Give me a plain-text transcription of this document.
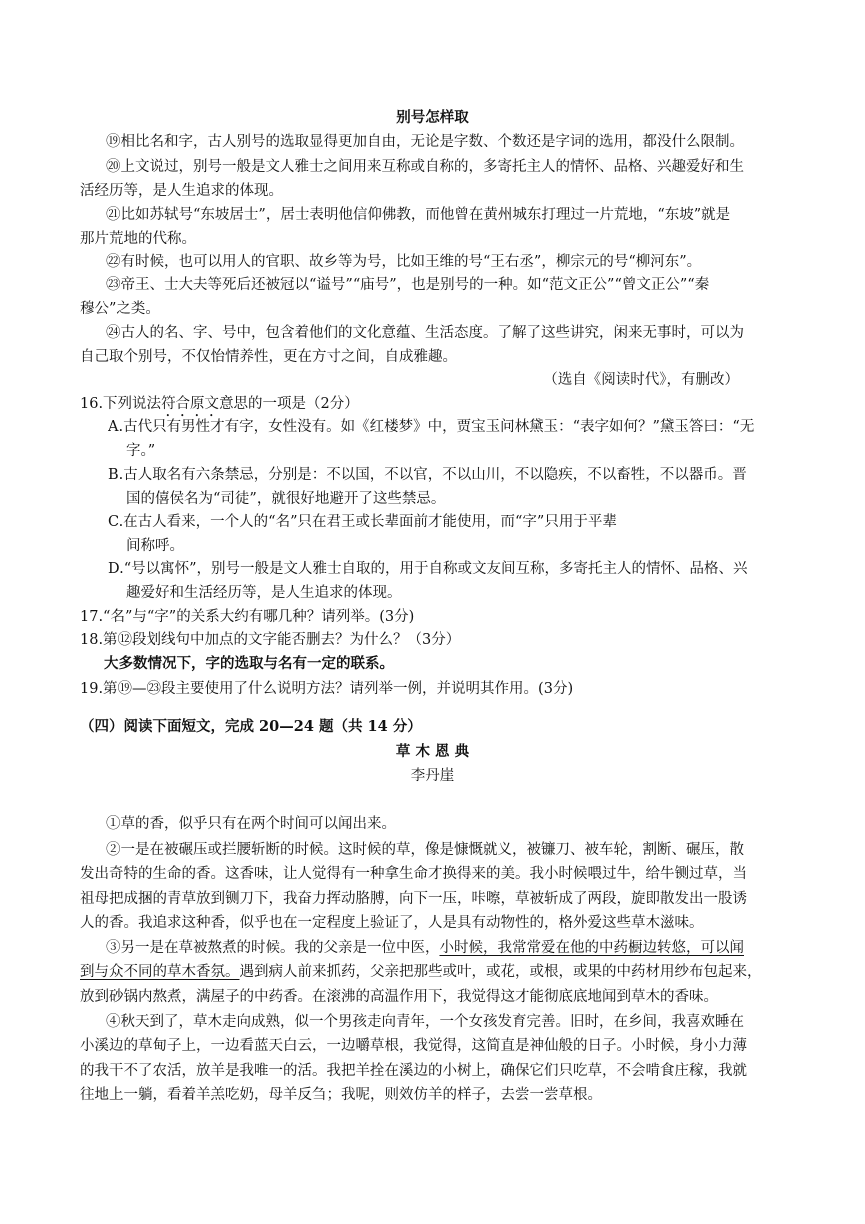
别号怎样取
⑲相比名和字，古人别号的选取显得更加自由，无论是字数、个数还是字词的选用，都没什么限制。
⑳上文说过，别号一般是文人雅士之间用来互称或自称的，多寄托主人的情怀、品格、兴趣爱好和生
活经历等，是人生追求的体现。
㉑比如苏轼号“东坡居士”，居士表明他信仰佛教，而他曾在黄州城东打理过一片荒地，“东坡”就是
那片荒地的代称。
㉒有时候，也可以用人的官职、故乡等为号，比如王维的号“王右丞”，柳宗元的号“柳河东”。
㉓帝王、士大夫等死后还被冠以“谥号”“庙号”，也是别号的一种。如“范文正公”“曾文正公”“秦
穆公”之类。
㉔古人的名、字、号中，包含着他们的文化意蕴、生活态度。了解了这些讲究，闲来无事时，可以为
自己取个别号，不仅怡情养性，更在方寸之间，自成雅趣。
（选自《阅读时代》，有删改）
16.下列说法符合原文意思的一项是（2分）
A.古代只有男性才有字，女性没有。如《红楼梦》中，贾宝玉问林黛玉：“表字如何？”黛玉答曰：“无
字。”
B.古人取名有六条禁忌，分别是：不以国，不以官，不以山川，不以隐疾，不以畜牲，不以器币。晋
国的僖侯名为“司徒”，就很好地避开了这些禁忌。
C.在古人看来，一个人的“名”只在君王或长辈面前才能使用，而“字”只用于平辈
间称呼。
D.“号以寓怀”，别号一般是文人雅士自取的，用于自称或文友间互称，多寄托主人的情怀、品格、兴
趣爱好和生活经历等，是人生追求的体现。
17.“名”与“字”的关系大约有哪几种？请列举。(3分)
18.第⑫段划线句中加点的文字能否删去？为什么？（3分）
大多数情况下，字的选取与名有一定的联系。
19.第⑲—㉓段主要使用了什么说明方法？请列举一例，并说明其作用。(3分)
（四）阅读下面短文，完成 20—24 题（共 14 分）
草 木 恩 典
李丹崖
①草的香，似乎只有在两个时间可以闻出来。
②一是在被碾压或拦腰斩断的时候。这时候的草，像是慷慨就义，被镰刀、被车轮，割断、碾压，散
发出奇特的生命的香。这香味，让人觉得有一种拿生命才换得来的美。我小时候喂过牛，给牛铡过草，当
祖母把成捆的青草放到铡刀下，我奋力挥动胳膊，向下一压，咔嚓，草被斩成了两段，旋即散发出一股诱
人的香。我追求这种香，似乎也在一定程度上验证了，人是具有动物性的，格外爱这些草木滋味。
③另一是在草被熬煮的时候。我的父亲是一位中医，小时候，我常常爱在他的中药橱边转悠，可以闻
到与众不同的草木香氛。遇到病人前来抓药，父亲把那些或叶，或花，或根，或果的中药材用纱布包起来，
放到砂锅内熬煮，满屋子的中药香。在滚沸的高温作用下，我觉得这才能彻底底地闻到草木的香味。
④秋天到了，草木走向成熟，似一个男孩走向青年，一个女孩发育完善。旧时，在乡间，我喜欢睡在
小溪边的草甸子上，一边看蓝天白云，一边嚼草根，我觉得，这简直是神仙般的日子。小时候，身小力薄
的我干不了农活，放羊是我唯一的活。我把羊拴在溪边的小树上，确保它们只吃草，不会啃食庄稼，我就
往地上一躺，看着羊羔吃奶，母羊反刍；我呢，则效仿羊的样子，去尝一尝草根。
